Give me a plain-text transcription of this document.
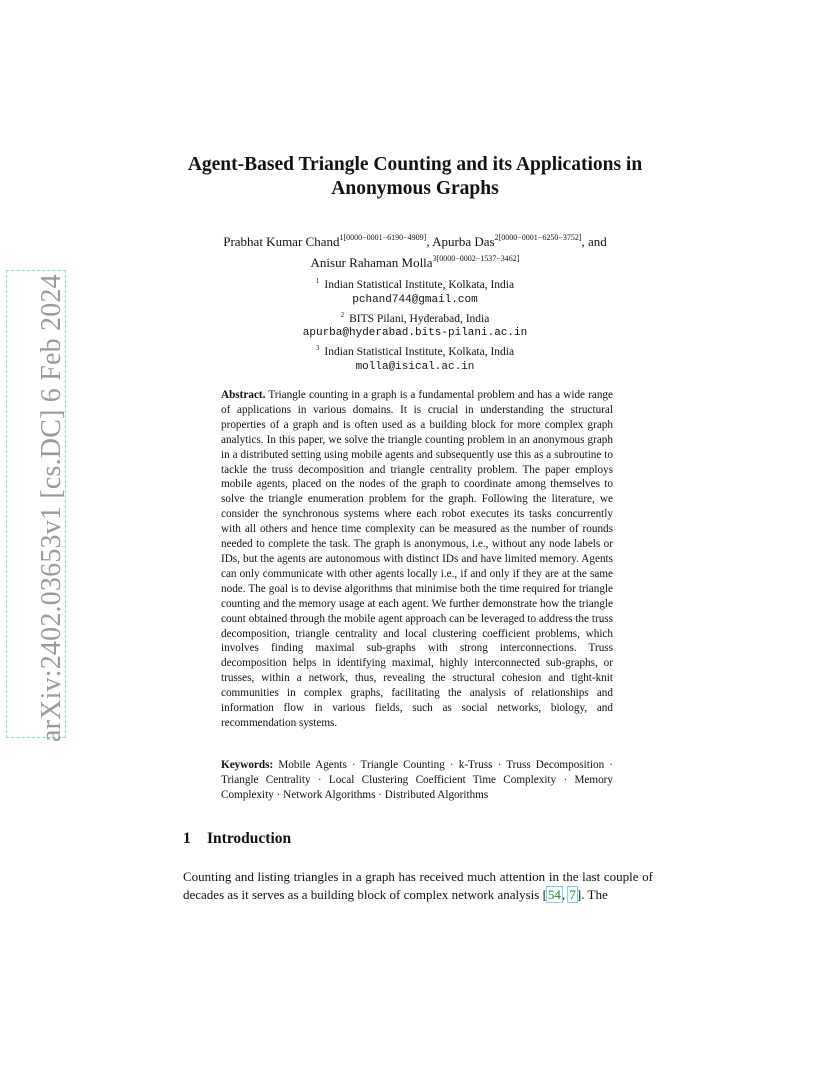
arXiv:2402.03653v1 [cs.DC] 6 Feb 2024
Agent-Based Triangle Counting and its Applications in
Anonymous Graphs
Prabhat Kumar Chand$^{1[0000-0001-6190-4909]}$, Apurba Das$^{2[0000-0001-6250-3752]}$, and
Anisur Rahaman Molla$^{3[0000-0002-1537-3462]}$
$^1$ Indian Statistical Institute, Kolkata, India
pchand744@gmail.com
$^2$ BITS Pilani, Hyderabad, India
apurba@hyderabad.bits-pilani.ac.in
$^3$ Indian Statistical Institute, Kolkata, India
molla@isical.ac.in
Abstract. Triangle counting in a graph is a fundamental problem and has a wide range of applications in various domains. It is crucial in understanding the structural properties of a graph and is often used as a building block for more complex graph analytics. In this paper, we solve the triangle counting problem in an anonymous graph in a distributed setting using mobile agents and subsequently use this as a subroutine to tackle the truss decomposition and triangle centrality problem. The paper employs mobile agents, placed on the nodes of the graph to coordinate among themselves to solve the triangle enumeration problem for the graph. Following the literature, we consider the synchronous systems where each robot executes its tasks concurrently with all others and hence time complexity can be measured as the number of rounds needed to complete the task. The graph is anonymous, i.e., without any node labels or IDs, but the agents are autonomous with distinct IDs and have limited memory. Agents can only communicate with other agents locally i.e., if and only if they are at the same node. The goal is to devise algorithms that minimise both the time required for triangle counting and the memory usage at each agent. We further demonstrate how the triangle count obtained through the mobile agent approach can be leveraged to address the truss decomposition, triangle centrality and local clustering coefficient problems, which involves finding maximal sub-graphs with strong interconnections. Truss decomposition helps in identifying maximal, highly interconnected sub-graphs, or trusses, within a network, thus, revealing the structural cohesion and tight-knit communities in complex graphs, facilitating the analysis of relationships and information flow in various fields, such as social networks, biology, and recommendation systems.
Keywords: Mobile Agents · Triangle Counting · k-Truss · Truss Decomposition · Triangle Centrality · Local Clustering Coefficient Time Complexity · Memory Complexity · Network Algorithms · Distributed Algorithms
1 Introduction
Counting and listing triangles in a graph has received much attention in the last couple of decades as it serves as a building block of complex network analysis [54, 7]. The
